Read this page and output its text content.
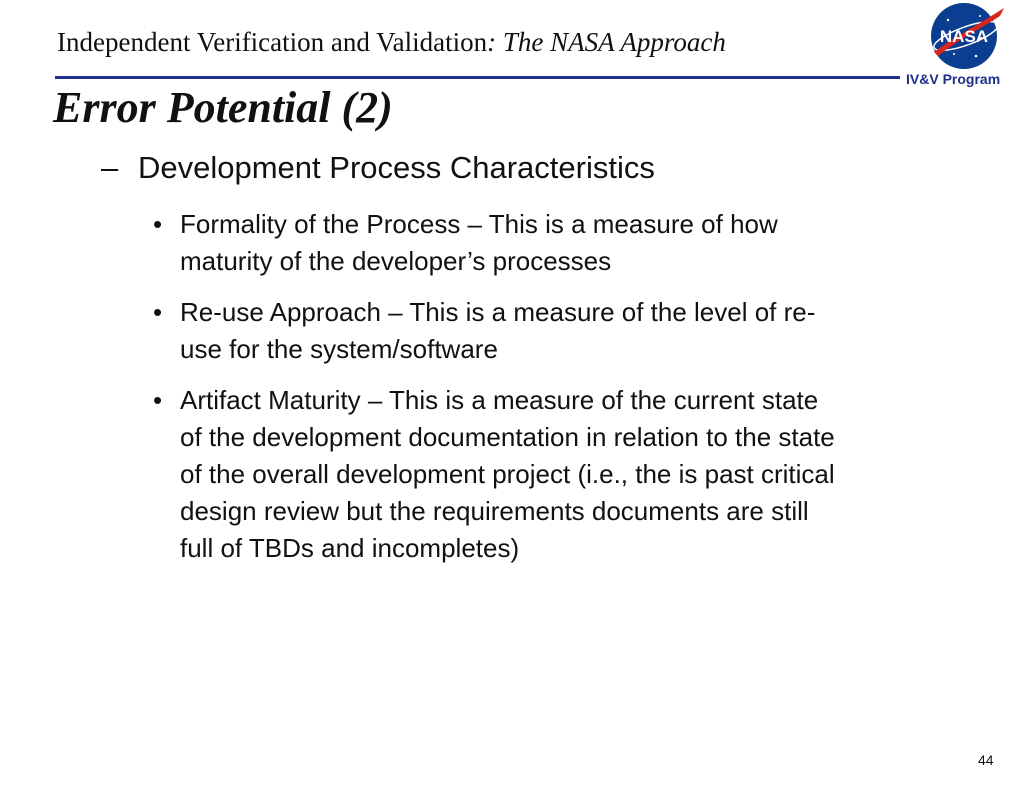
Independent Verification and Validation: The NASA Approach	NASA
IV&V Program
Error Potential (2)
– Development Process Characteristics
• Formality of the Process – This is a measure of how
maturity of the developer’s processes
• Re-use Approach – This is a measure of the level of re-
use for the system/software
• Artifact Maturity – This is a measure of the current state
of the development documentation in relation to the state
of the overall development project (i.e., the is past critical
design review but the requirements documents are still
full of TBDs and incompletes)
44
